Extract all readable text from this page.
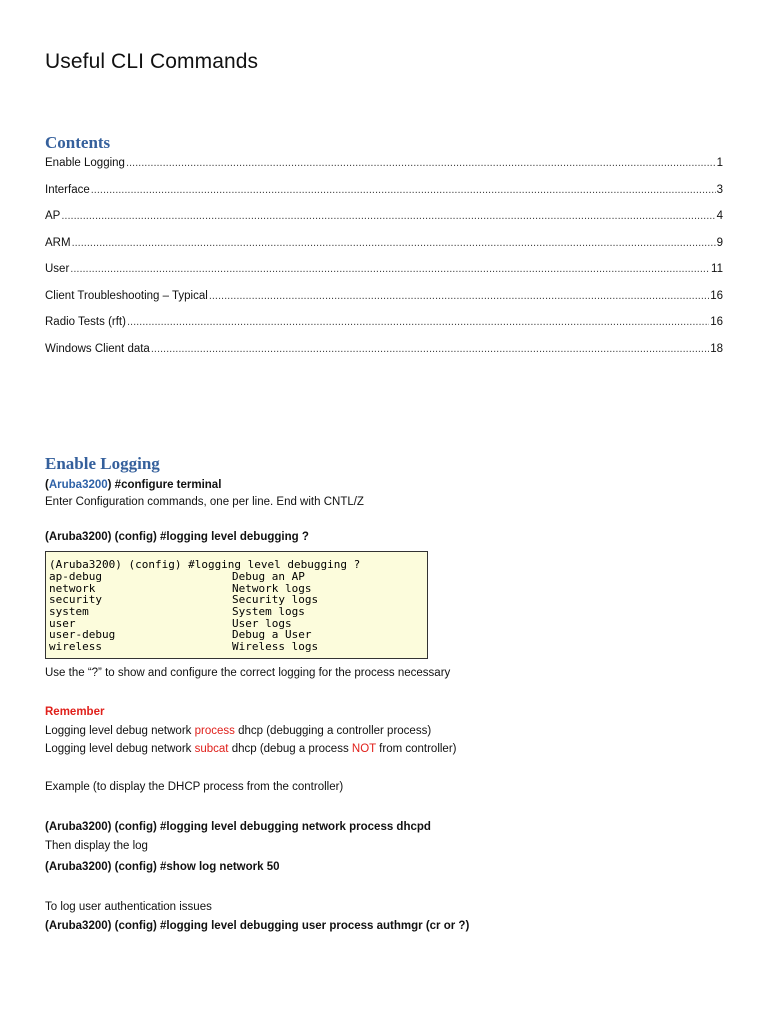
Useful CLI Commands
Contents
Enable Logging .....	1
Interface .....	3
AP .....	4
ARM .....	9
User .....	11
Client Troubleshooting – Typical .....	16
Radio Tests (rft) .....	16
Windows Client data .....	18
Enable Logging
(Aruba3200) #configure terminal
Enter Configuration commands, one per line. End with CNTL/Z
(Aruba3200) (config) #logging level debugging ?
(Aruba3200) (config) #logging level debugging ?
ap-debug	Debug an AP
network	Network logs
security	Security logs
system	System logs
user	User logs
user-debug	Debug a User
wireless	Wireless logs
Use the “?” to show and configure the correct logging for the process necessary
Remember
Logging level debug network process dhcp (debugging a controller process)
Logging level debug network subcat dhcp (debug a process NOT from controller)
Example (to display the DHCP process from the controller)
(Aruba3200) (config) #logging level debugging network process dhcpd
Then display the log
(Aruba3200) (config) #show log network 50
To log user authentication issues
(Aruba3200) (config) #logging level debugging user process authmgr (cr or ?)
